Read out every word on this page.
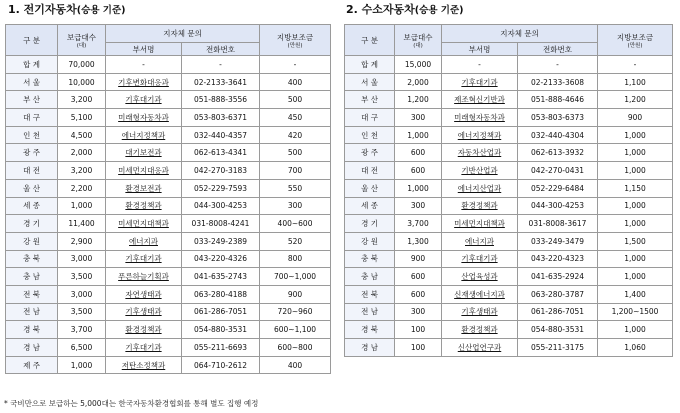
1. 전기자동차(승용 기준)	2. 수소자동차(승용 기준)
구 분	보급대수
(대)	지자체 문의		지방보조금
(만원)

		부서명	전화번호	
합 계	70,000	-	-	-
서 울	10,000	기후변화대응과	02-2133-3641	400
부 산	3,200	기후대기과	051-888-3556	500
대 구	5,100	미래형자동차과	053-803-6371	450
인 천	4,500	에너지정책과	032-440-4357	420
광 주	2,000	대기보전과	062-613-4341	500
대 전	3,200	미세먼지대응과	042-270-3183	700
울 산	2,200	환경보전과	052-229-7593	550
세 종	1,000	환경정책과	044-300-4253	300
경 기	11,400	미세먼지대책과	031-8008-4241	400~600
강 원	2,900	에너지과	033-249-2389	520
충 북	3,000	기후대기과	043-220-4326	800
충 남	3,500	푸른하늘기획과	041-635-2743	700~1,000
전 북	3,000	자연생태과	063-280-4188	900
전 남	3,500	기후생태과	061-286-7051	720~960
경 북	3,700	환경정책과	054-880-3531	600~1,100
경 남	6,500	기후대기과	055-211-6693	600~800
제 주	1,000	저탄소정책과	064-710-2612	400
구 분	보급대수
(대)	지자체 문의		지방보조금
(만원)

		부서명	전화번호	
합 계	15,000	-	-	-
서 울	2,000	기후대기과	02-2133-3608	1,100
부 산	1,200	제조혁신기반과	051-888-4646	1,200
대 구	300	미래형자동차과	053-803-6373	900
인 천	1,000	에너지정책과	032-440-4304	1,000
광 주	600	자동차산업과	062-613-3932	1,000
대 전	600	기반산업과	042-270-0431	1,000
울 산	1,000	에너지산업과	052-229-6484	1,150
세 종	300	환경정책과	044-300-4253	1,000
경 기	3,700	미세먼지대책과	031-8008-3617	1,000
강 원	1,300	에너지과	033-249-3479	1,500
충 북	900	기후대기과	043-220-4323	1,000
충 남	600	산업육성과	041-635-2924	1,000
전 북	600	신재생에너지과	063-280-3787	1,400
전 남	300	기후생태과	061-286-7051	1,200~1500
경 북	100	환경정책과	054-880-3531	1,000
경 남	100	신산업연구과	055-211-3175	1,060
* 국비만으로 보급하는 5,000대는 한국자동차환경협회를 통해 별도 집행 예정
